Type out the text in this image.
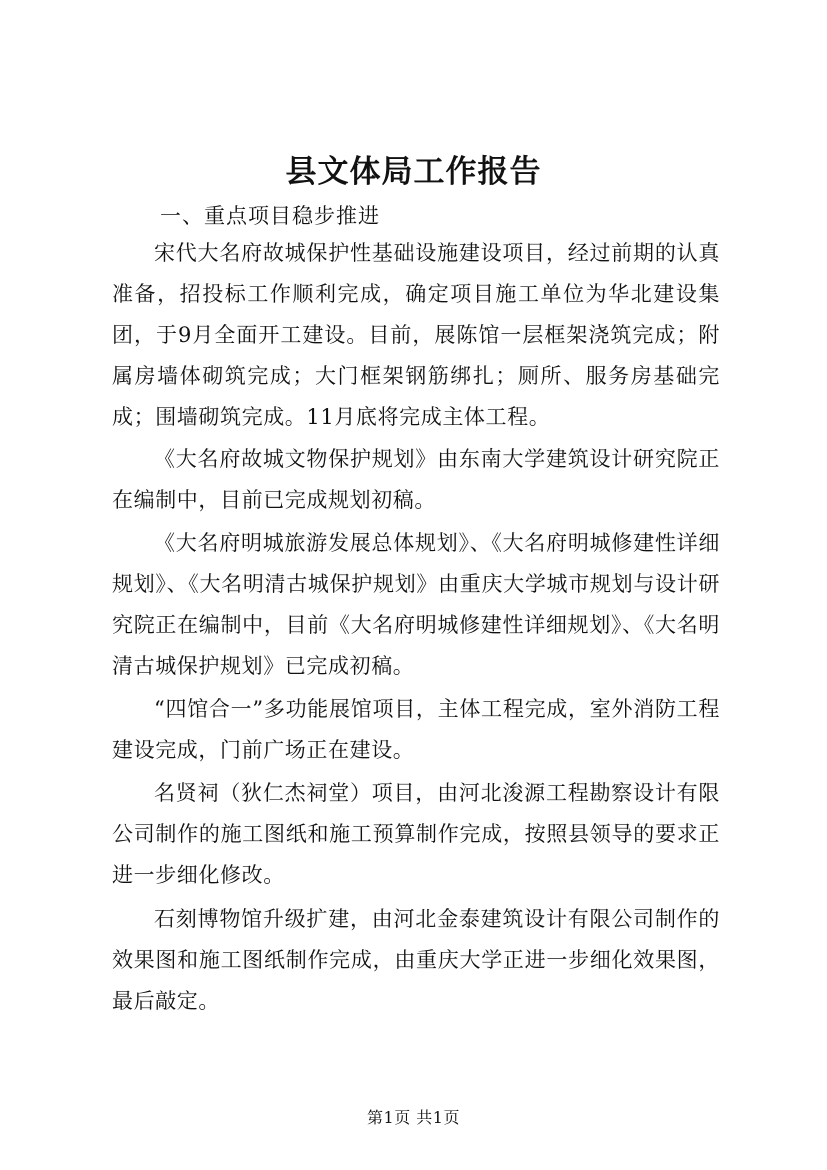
县文体局工作报告
一、重点项目稳步推进
宋代大名府故城保护性基础设施建设项目，经过前期的认真准备，招投标工作顺利完成，确定项目施工单位为华北建设集团，于9月全面开工建设。目前，展陈馆一层框架浇筑完成；附属房墙体砌筑完成；大门框架钢筋绑扎；厕所、服务房基础完成；围墙砌筑完成。11月底将完成主体工程。
《大名府故城文物保护规划》由东南大学建筑设计研究院正在编制中，目前已完成规划初稿。
《大名府明城旅游发展总体规划》、《大名府明城修建性详细规划》、《大名明清古城保护规划》由重庆大学城市规划与设计研究院正在编制中，目前《大名府明城修建性详细规划》、《大名明清古城保护规划》已完成初稿。
“四馆合一”多功能展馆项目，主体工程完成，室外消防工程建设完成，门前广场正在建设。
名贤祠（狄仁杰祠堂）项目，由河北浚源工程勘察设计有限公司制作的施工图纸和施工预算制作完成，按照县领导的要求正进一步细化修改。
石刻博物馆升级扩建，由河北金泰建筑设计有限公司制作的效果图和施工图纸制作完成，由重庆大学正进一步细化效果图，最后敲定。
第1页 共1页
